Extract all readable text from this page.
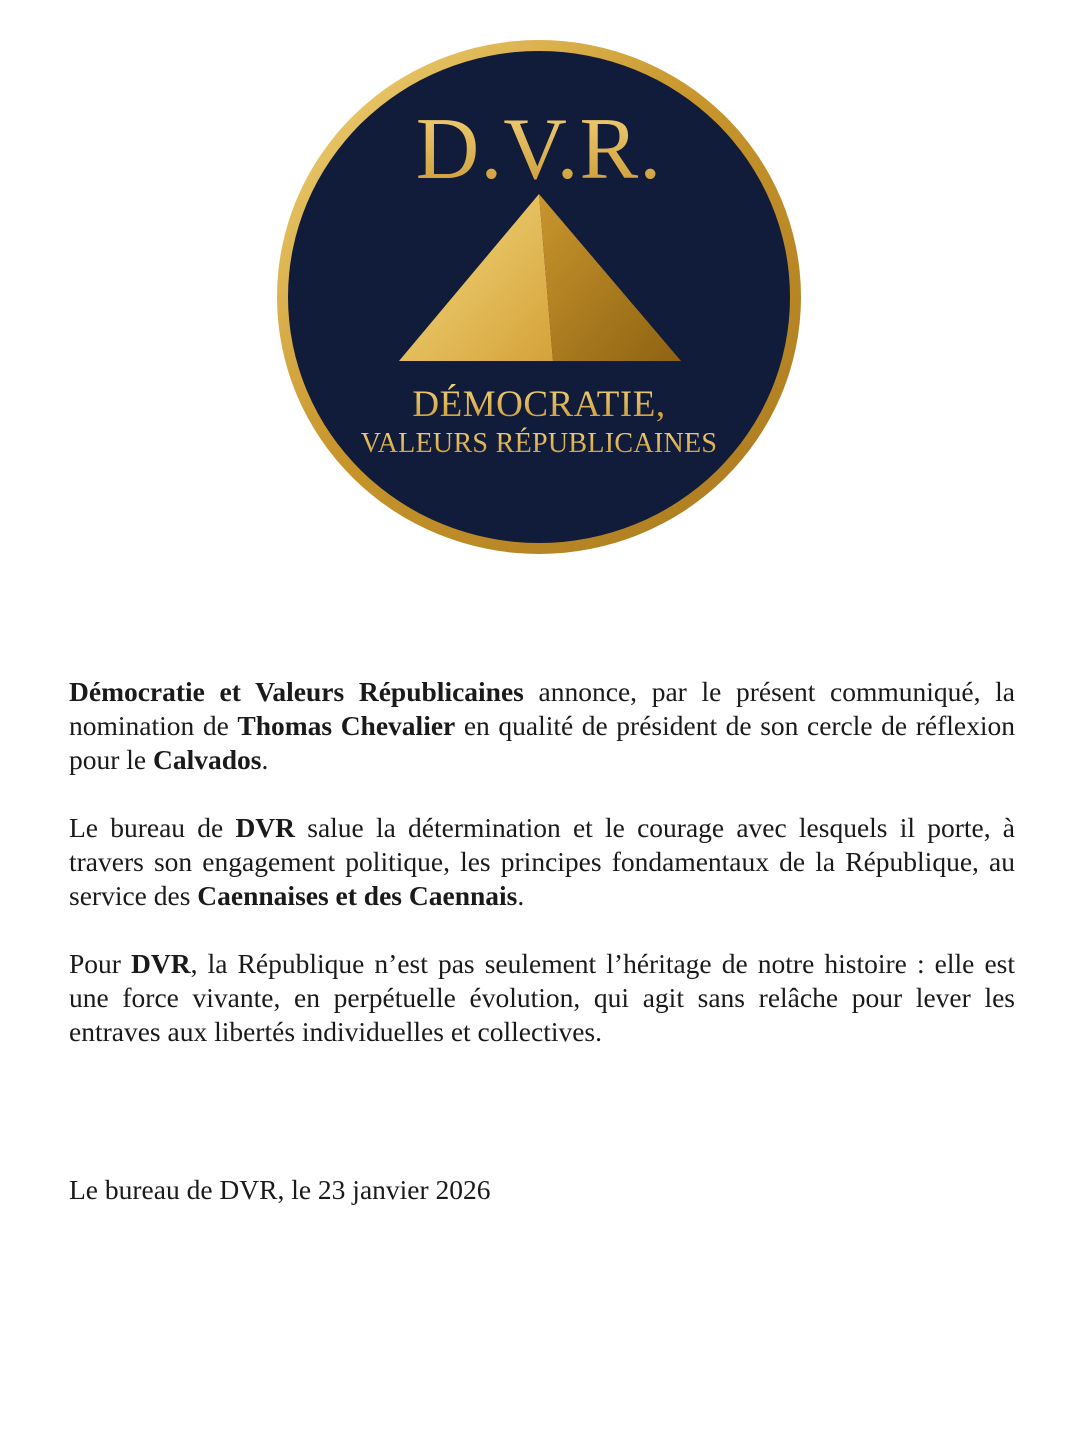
D.V.R.
DÉMOCRATIE,
VALEURS RÉPUBLICAINES

Démocratie et Valeurs Républicaines annonce, par le présent communiqué, la nomination de Thomas Chevalier en qualité de président de son cercle de réflexion pour le Calvados.

Le bureau de DVR salue la détermination et le courage avec lesquels il porte, à travers son engagement politique, les principes fondamentaux de la République, au service des Caennaises et des Caennais.

Pour DVR, la République n’est pas seulement l’héritage de notre histoire : elle est une force vivante, en perpétuelle évolution, qui agit sans relâche pour lever les entraves aux libertés individuelles et collectives.

Le bureau de DVR, le 23 janvier 2026
